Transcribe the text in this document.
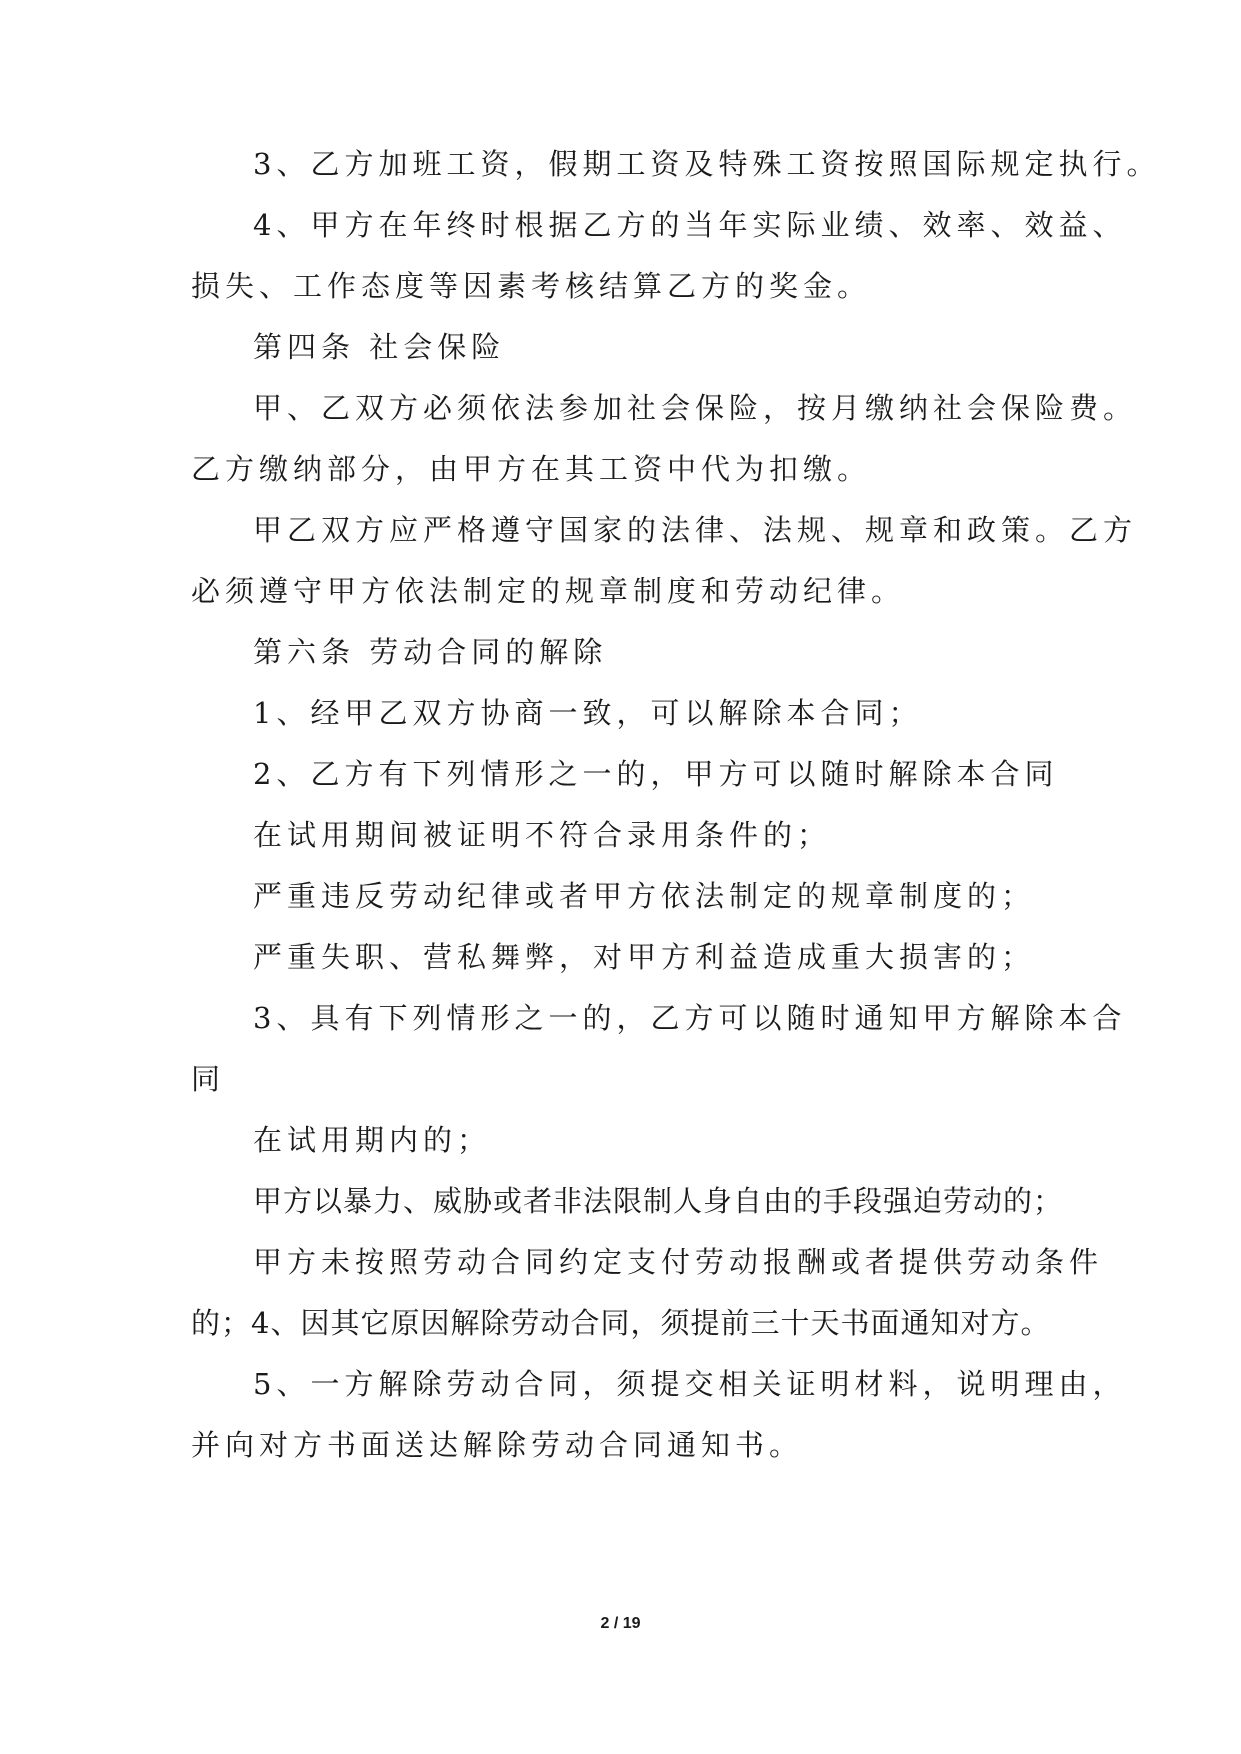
3、乙方加班工资，假期工资及特殊工资按照国际规定执行。
4、甲方在年终时根据乙方的当年实际业绩、效率、效益、
损失、工作态度等因素考核结算乙方的奖金。
第四条 社会保险
甲、乙双方必须依法参加社会保险，按月缴纳社会保险费。
乙方缴纳部分，由甲方在其工资中代为扣缴。
甲乙双方应严格遵守国家的法律、法规、规章和政策。乙方
必须遵守甲方依法制定的规章制度和劳动纪律。
第六条 劳动合同的解除
1、经甲乙双方协商一致，可以解除本合同；
2、乙方有下列情形之一的，甲方可以随时解除本合同
在试用期间被证明不符合录用条件的；
严重违反劳动纪律或者甲方依法制定的规章制度的；
严重失职、营私舞弊，对甲方利益造成重大损害的；
3、具有下列情形之一的，乙方可以随时通知甲方解除本合
同
在试用期内的；
甲方以暴力、威胁或者非法限制人身自由的手段强迫劳动的；
甲方未按照劳动合同约定支付劳动报酬或者提供劳动条件
的；4、因其它原因解除劳动合同，须提前三十天书面通知对方。
5、一方解除劳动合同，须提交相关证明材料，说明理由，
并向对方书面送达解除劳动合同通知书。
2 / 19
